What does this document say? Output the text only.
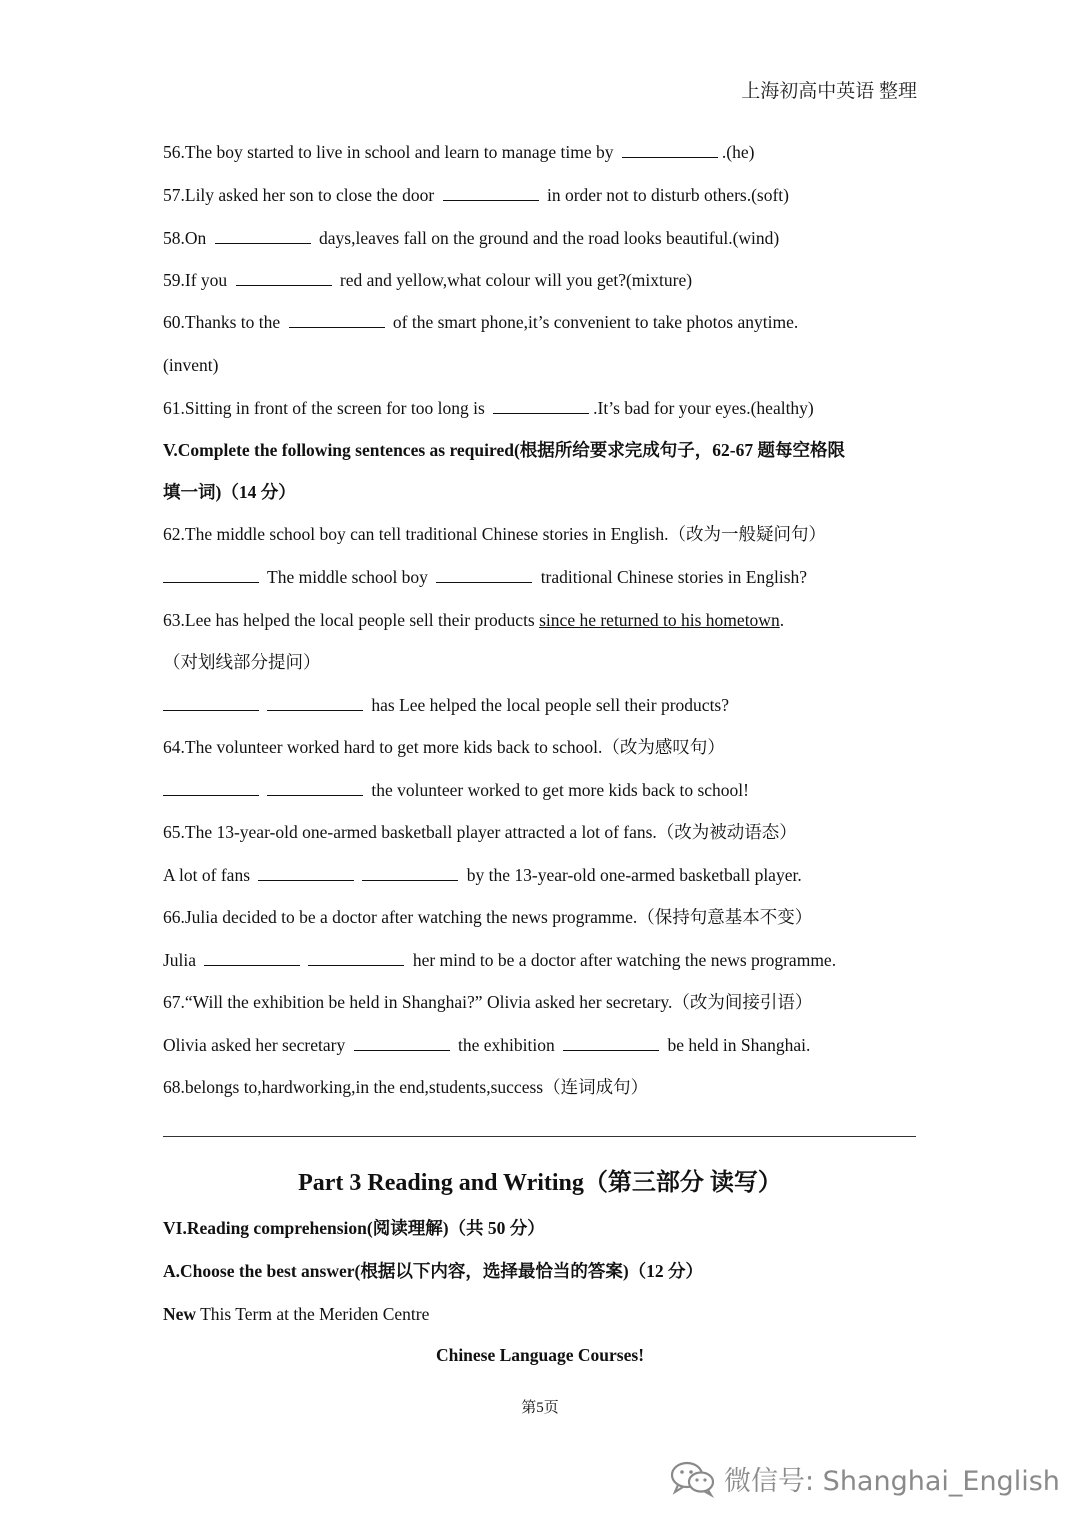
上海初高中英语 整理
56.The boy started to live in school and learn to manage time by	.(he)
57.Lily asked her son to close the door	in order not to disturb others.(soft)
58.On	days,leaves fall on the ground and the road looks beautiful.(wind)
59.If you	red and yellow,what colour will you get?(mixture)
60.Thanks to the	of the smart phone,it’s convenient to take photos anytime.
(invent)
61.Sitting in front of the screen for too long is	.It’s bad for your eyes.(healthy)
V.Complete the following sentences as required(根据所给要求完成句子，62-67 题每空格限
填一词)（14 分）
62.The middle school boy can tell traditional Chinese stories in English.（改为一般疑问句）
The middle school boy	traditional Chinese stories in English?
63.Lee has helped the local people sell their products since he returned to his hometown.
（对划线部分提问）
has Lee helped the local people sell their products?
64.The volunteer worked hard to get more kids back to school.（改为感叹句）
the volunteer worked to get more kids back to school!
65.The 13-year-old one-armed basketball player attracted a lot of fans.（改为被动语态）
A lot of fans	by the 13-year-old one-armed basketball player.
66.Julia decided to be a doctor after watching the news programme.（保持句意基本不变）
Julia	her mind to be a doctor after watching the news programme.
67.“Will the exhibition be held in Shanghai?” Olivia asked her secretary.（改为间接引语）
Olivia asked her secretary	the exhibition	be held in Shanghai.
68.belongs to,hardworking,in the end,students,success（连词成句）
Part 3 Reading and Writing（第三部分 读写）
VI.Reading comprehension(阅读理解)（共 50 分）
A.Choose the best answer(根据以下内容，选择最恰当的答案)（12 分）
New This Term at the Meriden Centre
Chinese Language Courses!
第5页
微信号: Shanghai_English
